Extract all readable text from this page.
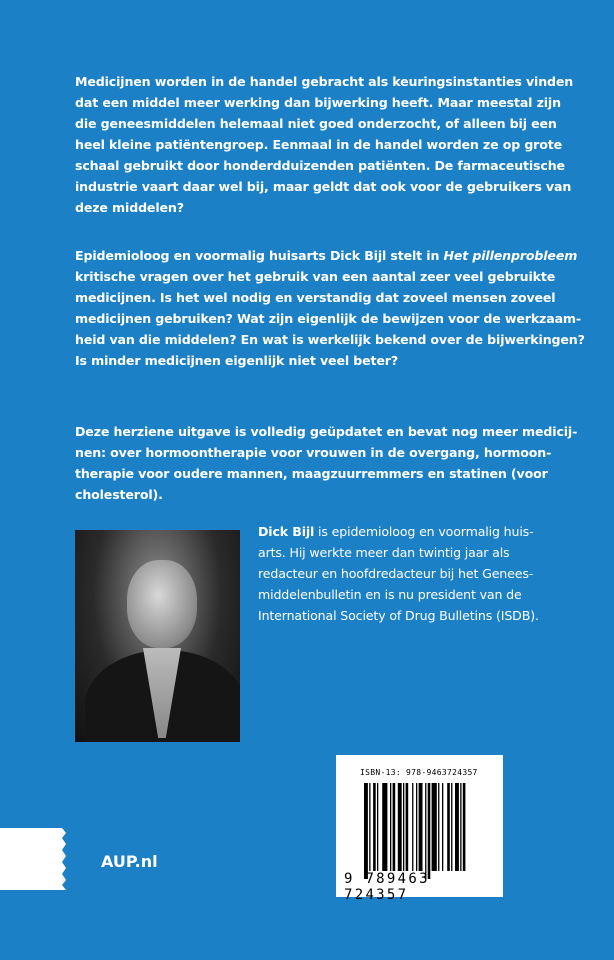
Medicijnen worden in de handel gebracht als keuringsinstanties vinden
dat een middel meer werking dan bijwerking heeft. Maar meestal zijn
die geneesmiddelen helemaal niet goed onderzocht, of alleen bij een
heel kleine patiëntengroep. Eenmaal in de handel worden ze op grote
schaal gebruikt door honderdduizenden patiënten. De farmaceutische
industrie vaart daar wel bij, maar geldt dat ook voor de gebruikers van
deze middelen?
Epidemioloog en voormalig huisarts Dick Bijl stelt in Het pillenprobleem
kritische vragen over het gebruik van een aantal zeer veel gebruikte
medicijnen. Is het wel nodig en verstandig dat zoveel mensen zoveel
medicijnen gebruiken? Wat zijn eigenlijk de bewijzen voor de werkzaam-
heid van die middelen? En wat is werkelijk bekend over de bijwerkingen?
Is minder medicijnen eigenlijk niet veel beter?
Deze herziene uitgave is volledig geüpdatet en bevat nog meer medicij-
nen: over hormoontherapie voor vrouwen in de overgang, hormoon-
therapie voor oudere mannen, maagzuurremmers en statinen (voor
cholesterol).
Dick Bijl is epidemioloog en voormalig huis-
arts. Hij werkte meer dan twintig jaar als
redacteur en hoofdredacteur bij het Genees-
middelenbulletin en is nu president van de
International Society of Drug Bulletins (ISDB).
ISBN-13: 978-9463724357
9 789463 724357
AUP.nl
